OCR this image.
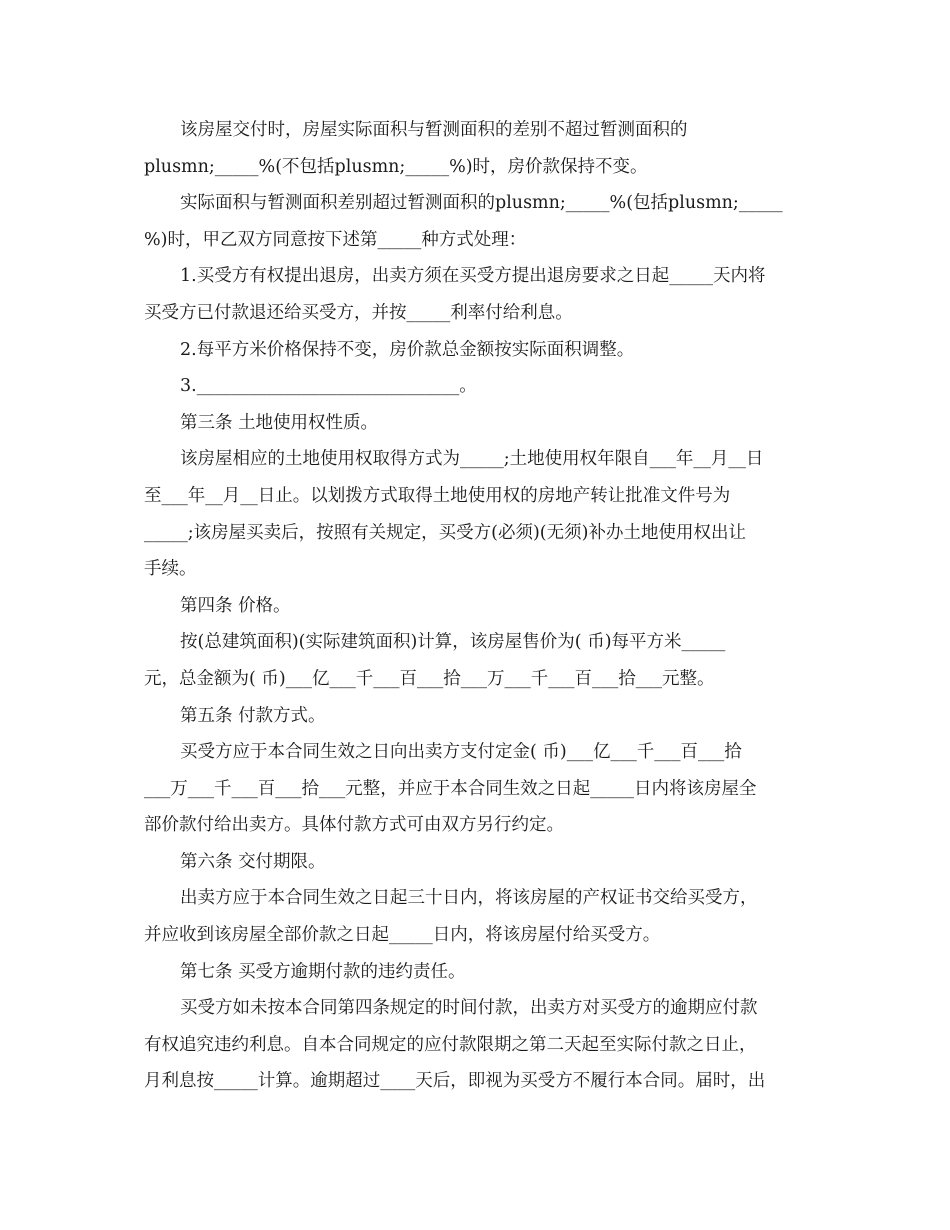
该房屋交付时，房屋实际面积与暂测面积的差别不超过暂测面积的
plusmn;_____%(不包括plusmn;_____%)时，房价款保持不变。
实际面积与暂测面积差别超过暂测面积的plusmn;_____%(包括plusmn;_____
%)时，甲乙双方同意按下述第_____种方式处理：
1.买受方有权提出退房，出卖方须在买受方提出退房要求之日起_____天内将
买受方已付款退还给买受方，并按_____利率付给利息。
2.每平方米价格保持不变，房价款总金额按实际面积调整。
3.______________________________。
第三条 土地使用权性质。
该房屋相应的土地使用权取得方式为_____;土地使用权年限自___年__月__日
至___年__月__日止。以划拨方式取得土地使用权的房地产转让批准文件号为
_____;该房屋买卖后，按照有关规定，买受方(必须)(无须)补办土地使用权出让
手续。
第四条 价格。
按(总建筑面积)(实际建筑面积)计算，该房屋售价为( 币)每平方米_____
元，总金额为( 币)___亿___千___百___拾___万___千___百___拾___元整。
第五条 付款方式。
买受方应于本合同生效之日向出卖方支付定金( 币)___亿___千___百___拾
___万___千___百___拾___元整，并应于本合同生效之日起_____日内将该房屋全
部价款付给出卖方。具体付款方式可由双方另行约定。
第六条 交付期限。
出卖方应于本合同生效之日起三十日内，将该房屋的产权证书交给买受方，
并应收到该房屋全部价款之日起_____日内，将该房屋付给买受方。
第七条 买受方逾期付款的违约责任。
买受方如未按本合同第四条规定的时间付款，出卖方对买受方的逾期应付款
有权追究违约利息。自本合同规定的应付款限期之第二天起至实际付款之日止，
月利息按_____计算。逾期超过____天后，即视为买受方不履行本合同。届时，出
